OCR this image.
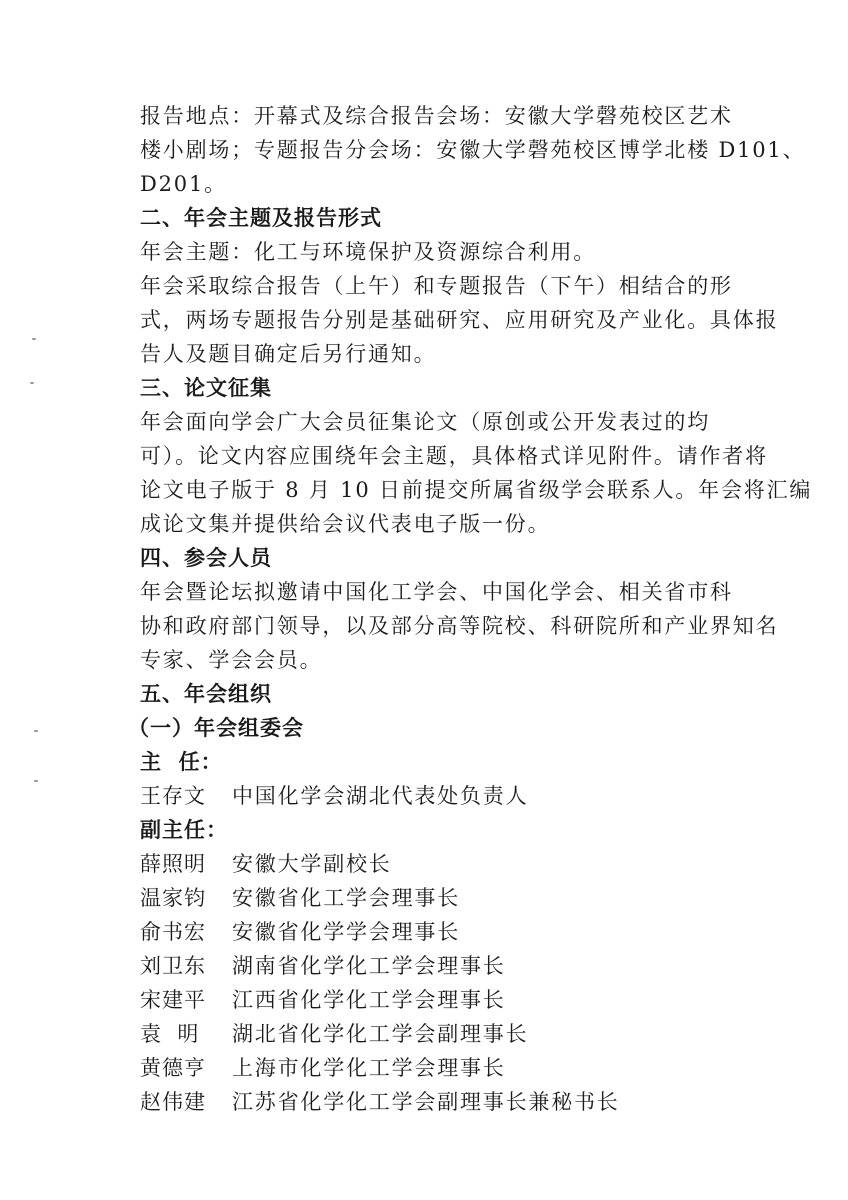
报告地点：开幕式及综合报告会场：安徽大学磬苑校区艺术
楼小剧场；专题报告分会场：安徽大学磬苑校区博学北楼 D101、
D201。
二、年会主题及报告形式
年会主题：化工与环境保护及资源综合利用。
年会采取综合报告（上午）和专题报告（下午）相结合的形
式，两场专题报告分别是基础研究、应用研究及产业化。具体报
告人及题目确定后另行通知。
三、论文征集
年会面向学会广大会员征集论文（原创或公开发表过的均
可）。论文内容应围绕年会主题，具体格式详见附件。请作者将
论文电子版于 8 月 10 日前提交所属省级学会联系人。年会将汇编
成论文集并提供给会议代表电子版一份。
四、参会人员
年会暨论坛拟邀请中国化工学会、中国化学会、相关省市科
协和政府部门领导，以及部分高等院校、科研院所和产业界知名
专家、学会会员。
五、年会组织
（一）年会组委会
主  任：
王存文 中国化学会湖北代表处负责人
副主任：
薛照明 安徽大学副校长
温家钧 安徽省化工学会理事长
俞书宏 安徽省化学学会理事长
刘卫东 湖南省化学化工学会理事长
宋建平 江西省化学化工学会理事长
袁  明 湖北省化学化工学会副理事长
黄德亨 上海市化学化工学会理事长
赵伟建 江苏省化学化工学会副理事长兼秘书长
